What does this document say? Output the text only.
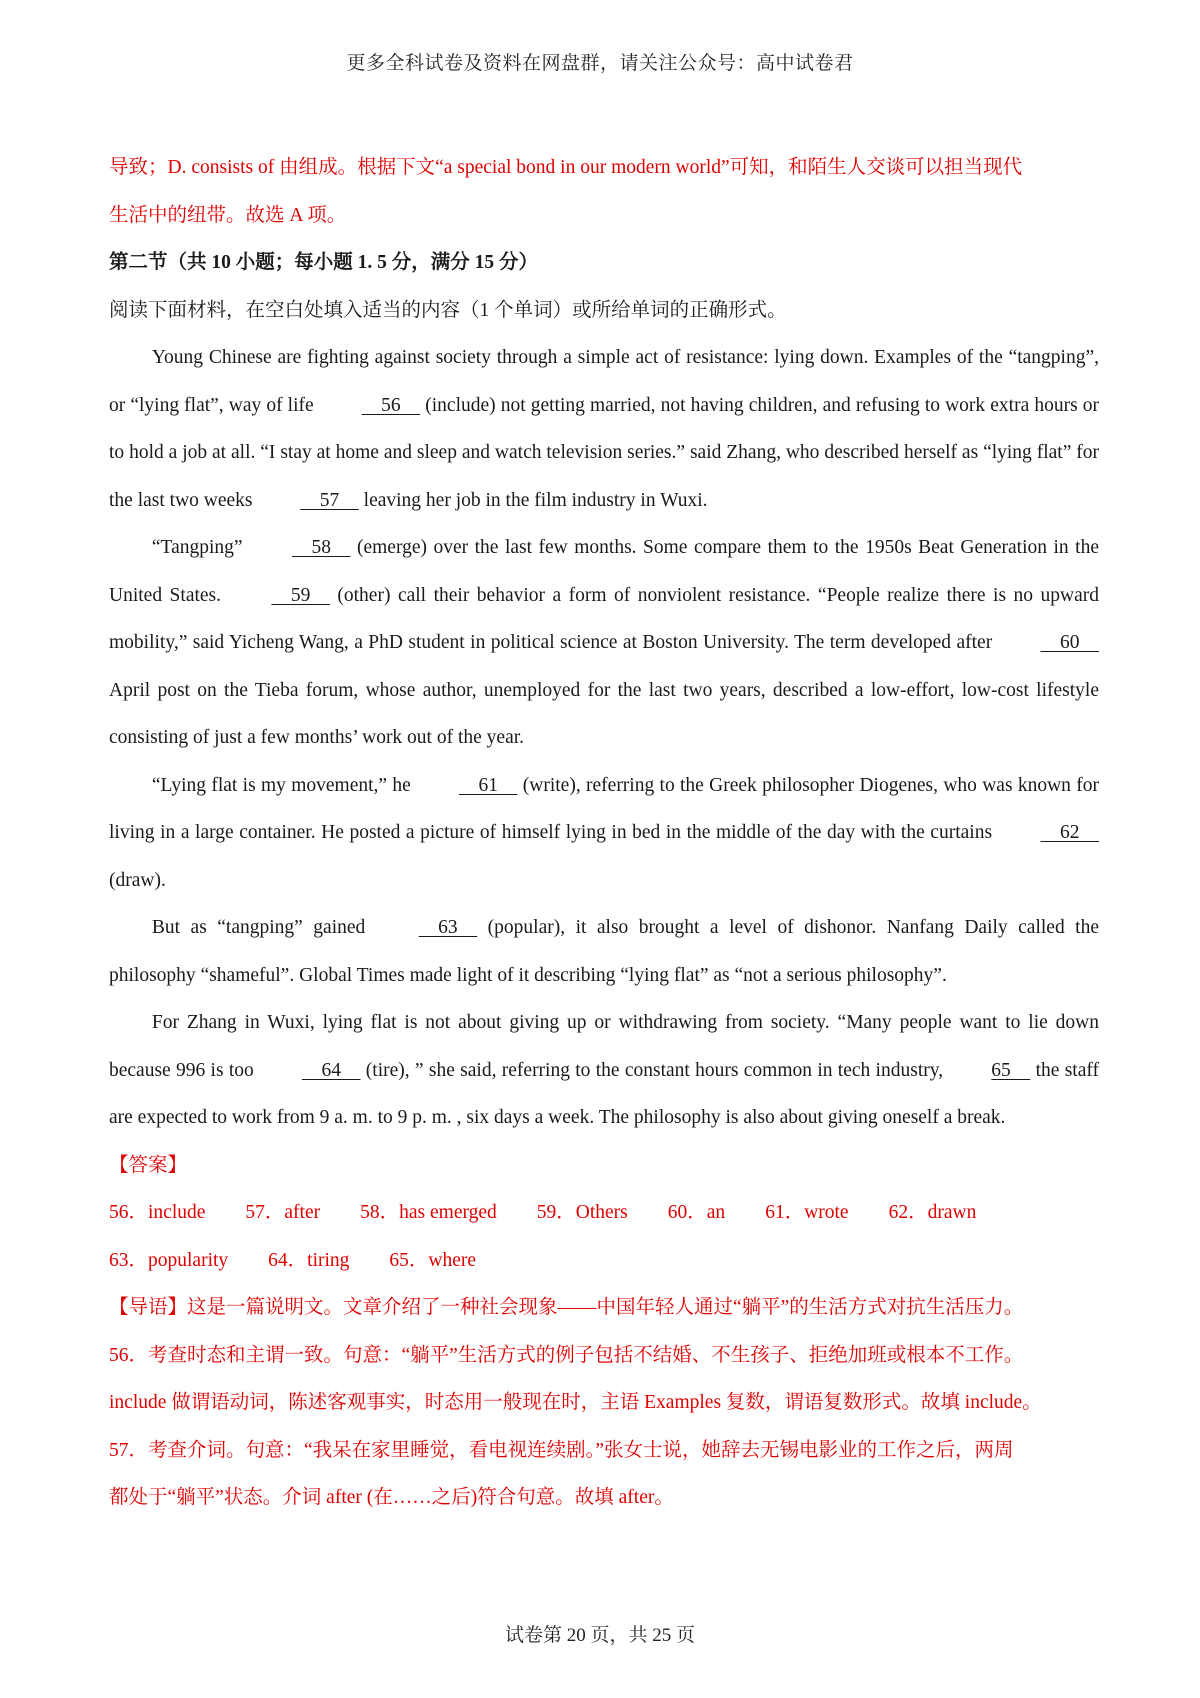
更多全科试卷及资料在网盘群，请关注公众号：高中试卷君
导致；D. consists of 由组成。根据下文“a special bond in our modern world”可知，和陌生人交谈可以担当现代
生活中的纽带。故选 A 项。
第二节（共 10 小题；每小题 1. 5 分，满分 15 分）
阅读下面材料，在空白处填入适当的内容（1 个单词）或所给单词的正确形式。
Young Chinese are fighting against society through a simple act of resistance: lying down. Examples of the “tangping”, or “lying flat”, way of life     56     (include) not getting married, not having children, and refusing to work extra hours or to hold a job at all. “I stay at home and sleep and watch television series.” said Zhang, who described herself as “lying flat” for the last two weeks     57     leaving her job in the film industry in Wuxi.
“Tangping”     58     (emerge) over the last few months. Some compare them to the 1950s Beat Generation in the United States.     59     (other) call their behavior a form of nonviolent resistance. “People realize there is no upward mobility,” said Yicheng Wang, a PhD student in political science at Boston University. The term developed after     60     April post on the Tieba forum, whose author, unemployed for the last two years, described a low-effort, low-cost lifestyle consisting of just a few months’ work out of the year.
“Lying flat is my movement,” he     61     (write), referring to the Greek philosopher Diogenes, who was known for living in a large container. He posted a picture of himself lying in bed in the middle of the day with the curtains     62     (draw).
But as “tangping” gained     63     (popular), it also brought a level of dishonor. Nanfang Daily called the philosophy “shameful”. Global Times made light of it describing “lying flat” as “not a serious philosophy”.
For Zhang in Wuxi, lying flat is not about giving up or withdrawing from society. “Many people want to lie down because 996 is too     64     (tire), ” she said, referring to the constant hours common in tech industry, 65     the staff are expected to work from 9 a. m. to 9 p. m. , six days a week. The philosophy is also about giving oneself a break.
【答案】
56．include 57．after 58．has emerged 59．Others 60．an 61．wrote 62．drawn
63．popularity 64．tiring 65．where
【导语】这是一篇说明文。文章介绍了一种社会现象——中国年轻人通过“躺平”的生活方式对抗生活压力。
56．考查时态和主谓一致。句意：“躺平”生活方式的例子包括不结婚、不生孩子、拒绝加班或根本不工作。
include 做谓语动词，陈述客观事实，时态用一般现在时，主语 Examples 复数，谓语复数形式。故填 include。
57．考查介词。句意：“我呆在家里睡觉，看电视连续剧。”张女士说，她辞去无锡电影业的工作之后，两周
都处于“躺平”状态。介词 after (在……之后)符合句意。故填 after。
试卷第 20 页，共 25 页
